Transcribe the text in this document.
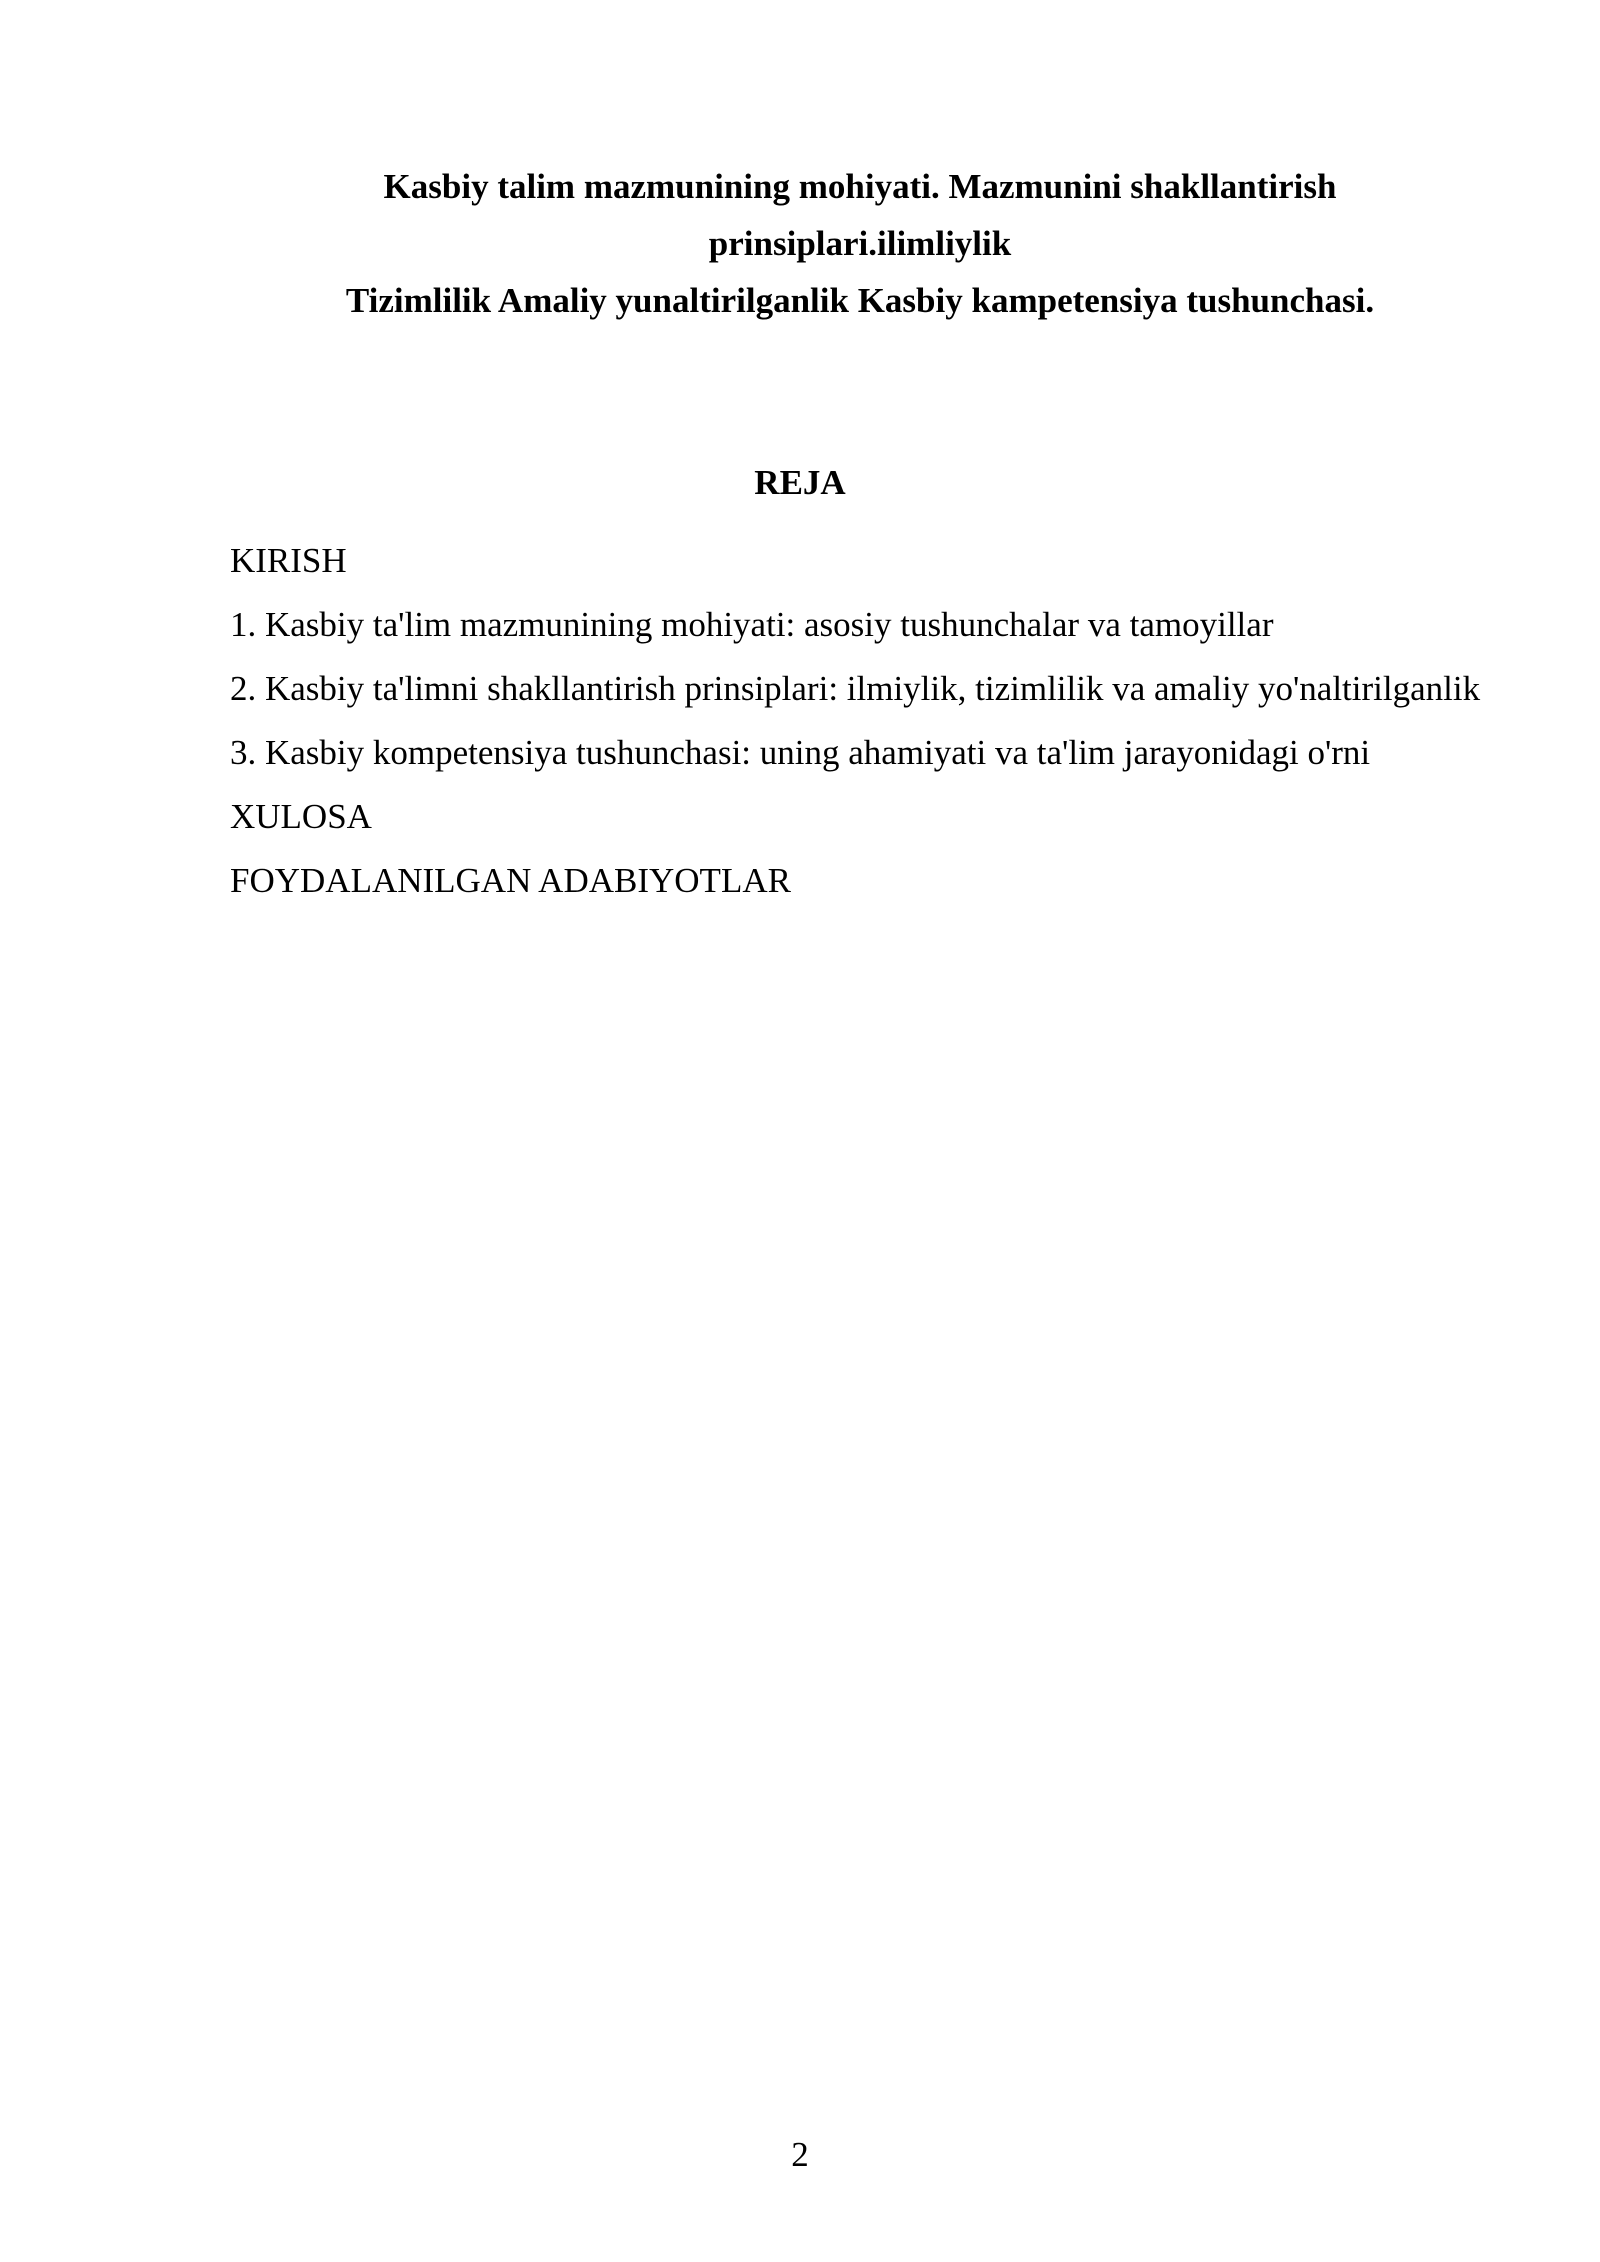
Kasbiy talim mazmunining mohiyati. Mazmunini shakllantirish
prinsiplari.ilimliylik
Tizimlilik Amaliy yunaltirilganlik Kasbiy kampetensiya tushunchasi.
REJA
KIRISH
1. Kasbiy ta'lim mazmunining mohiyati: asosiy tushunchalar va tamoyillar
2. Kasbiy ta'limni shakllantirish prinsiplari: ilmiylik, tizimlilik va amaliy yo'naltirilganlik
3. Kasbiy kompetensiya tushunchasi: uning ahamiyati va ta'lim jarayonidagi o'rni
XULOSA
FOYDALANILGAN ADABIYOTLAR
2
